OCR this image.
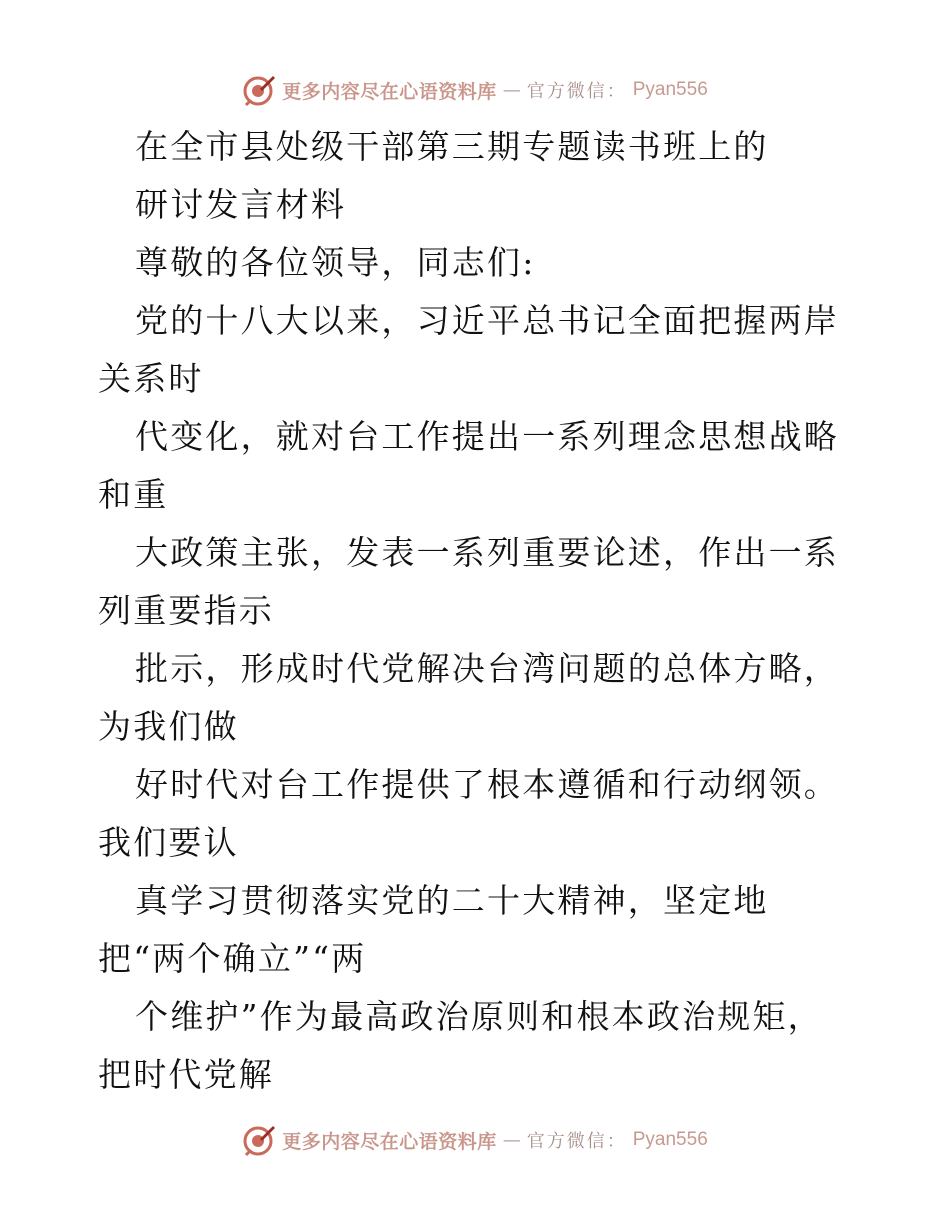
更多内容尽在心语资料库 — 官方微信： Pyan556

在全市县处级干部第三期专题读书班上的

研讨发言材料

尊敬的各位领导，同志们:

党的十八大以来，习近平总书记全面把握两岸关系时

代变化，就对台工作提出一系列理念思想战略和重

大政策主张，发表一系列重要论述，作出一系列重要指示

批示，形成时代党解决台湾问题的总体方略，为我们做

好时代对台工作提供了根本遵循和行动纲领。我们要认

真学习贯彻落实党的二十大精神，坚定地把“两个确立”“两

个维护”作为最高政治原则和根本政治规矩，把时代党解

更多内容尽在心语资料库 — 官方微信： Pyan556
